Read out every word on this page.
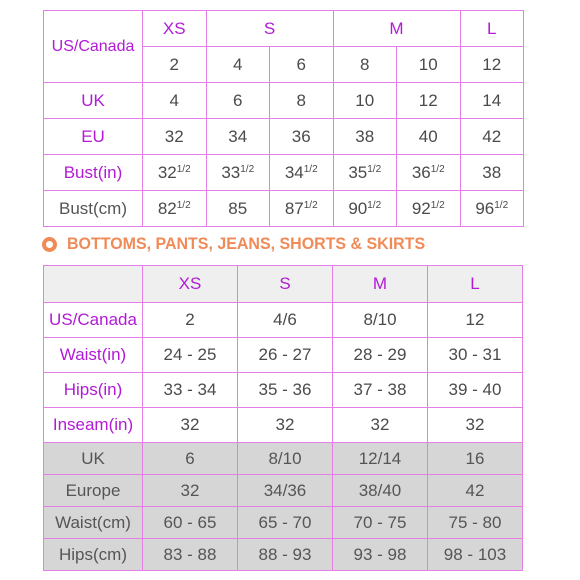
US/Canada	XS	S		M		L
	2	4	6	8	10	12
UK	4	6	8	10	12	14
EU	32	34	36	38	40	42
Bust(in)	$32^{1/2}$	$33^{1/2}$	$34^{1/2}$	$35^{1/2}$	$36^{1/2}$	38
Bust(cm)	$82^{1/2}$	85	$87^{1/2}$	$90^{1/2}$	$92^{1/2}$	$96^{1/2}$
BOTTOMS, PANTS, JEANS, SHORTS & SKIRTS
	XS	S	M	L
US/Canada	2	4/6	8/10	12
Waist(in)	24 - 25	26 - 27	28 - 29	30 - 31
Hips(in)	33 - 34	35 - 36	37 - 38	39 - 40
Inseam(in)	32	32	32	32
UK	6	8/10	12/14	16
Europe	32	34/36	38/40	42
Waist(cm)	60 - 65	65 - 70	70 - 75	75 - 80
Hips(cm)	83 - 88	88 - 93	93 - 98	98 - 103
